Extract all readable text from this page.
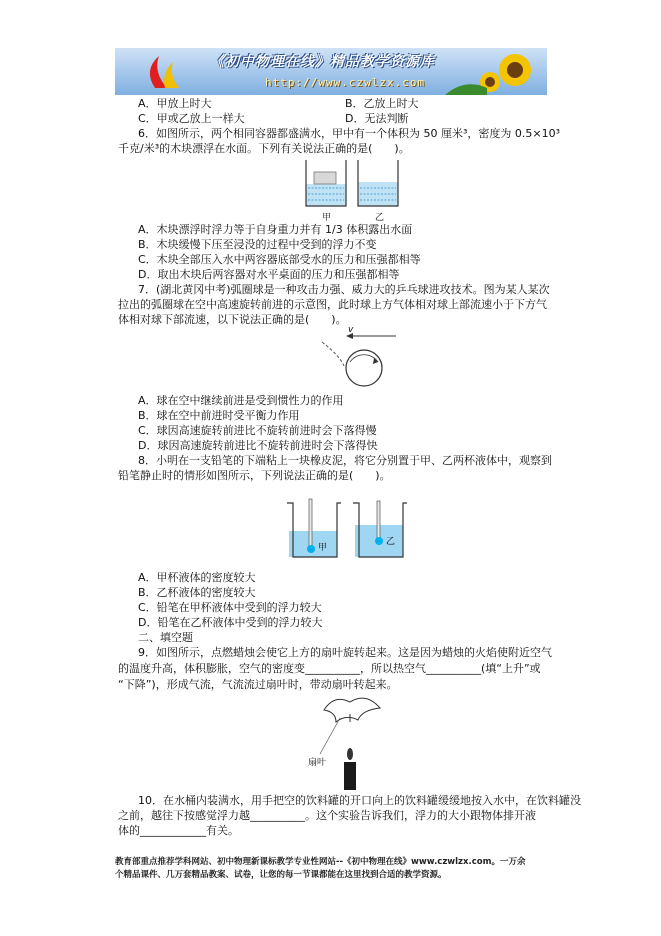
《初中物理在线》精品教学资源库
http://www.czwlzx.com
A．甲放上时大	B．乙放上时大
C．甲或乙放上一样大	D．无法判断
6．如图所示，两个相同容器都盛满水，甲中有一个体积为 50 厘米³，密度为 0.5×10³
千克/米³的木块漂浮在水面。下列有关说法正确的是(　　)。
A．木块漂浮时浮力等于自身重力并有 1/3 体积露出水面
B．木块缓慢下压至浸没的过程中受到的浮力不变
C．木块全部压入水中两容器底部受水的压力和压强都相等
D．取出木块后两容器对水平桌面的压力和压强都相等
7．(湖北黄冈中考)弧圈球是一种攻击力强、威力大的乒乓球进攻技术。图为某人某次
拉出的弧圈球在空中高速旋转前进的示意图，此时球上方气体相对球上部流速小于下方气
体相对球下部流速，以下说法正确的是(　　)。
A．球在空中继续前进是受到惯性力的作用
B．球在空中前进时受平衡力作用
C．球因高速旋转前进比不旋转前进时会下落得慢
D．球因高速旋转前进比不旋转前进时会下落得快
8．小明在一支铅笔的下端粘上一块橡皮泥，将它分别置于甲、乙两杯液体中，观察到
铅笔静止时的情形如图所示，下列说法正确的是(　　)。
A．甲杯液体的密度较大
B．乙杯液体的密度较大
C．铅笔在甲杯液体中受到的浮力较大
D．铅笔在乙杯液体中受到的浮力较大
二、填空题
9．如图所示，点燃蜡烛会使它上方的扇叶旋转起来。这是因为蜡烛的火焰使附近空气
的温度升高，体积膨胀，空气的密度变__________，所以热空气__________(填“上升”或
“下降”)，形成气流，气流流过扇叶时，带动扇叶转起来。
10．在水桶内装满水，用手把空的饮料罐的开口向上的饮料罐缓缓地按入水中，在饮料罐没
之前，越往下按感觉浮力越__________。这个实验告诉我们，浮力的大小跟物体排开液
体的____________有关。
甲	乙
v
甲
乙
扇叶
教育部重点推荐学科网站、初中物理新课标教学专业性网站--《初中物理在线》www.czwlzx.com。一万余
个精品课件、几万套精品教案、试卷，让您的每一节课都能在这里找到合适的教学资源。
